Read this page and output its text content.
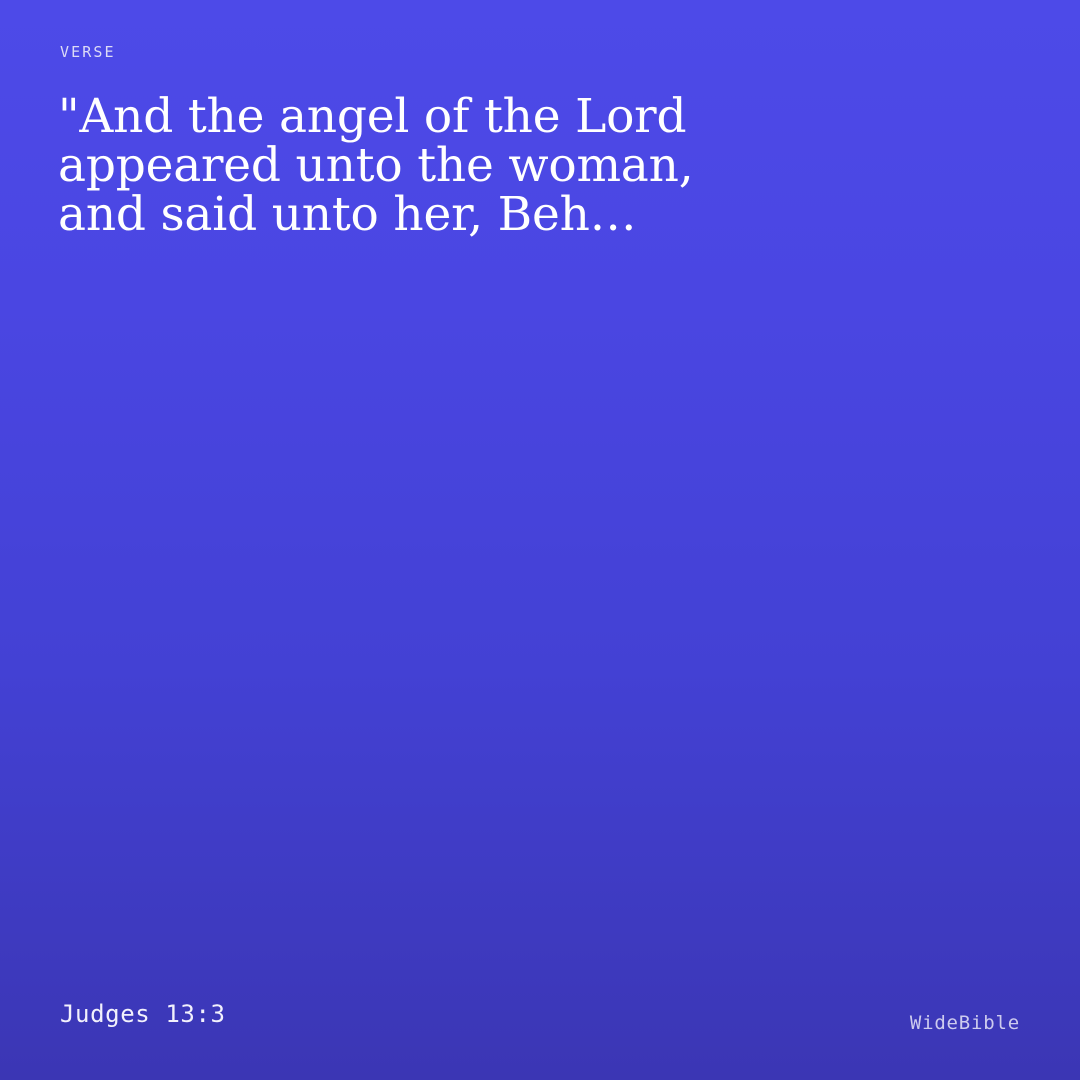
VERSE
"And the angel of the Lord appeared unto the woman, and said unto her, Beh…
Judges 13:3	WideBible
